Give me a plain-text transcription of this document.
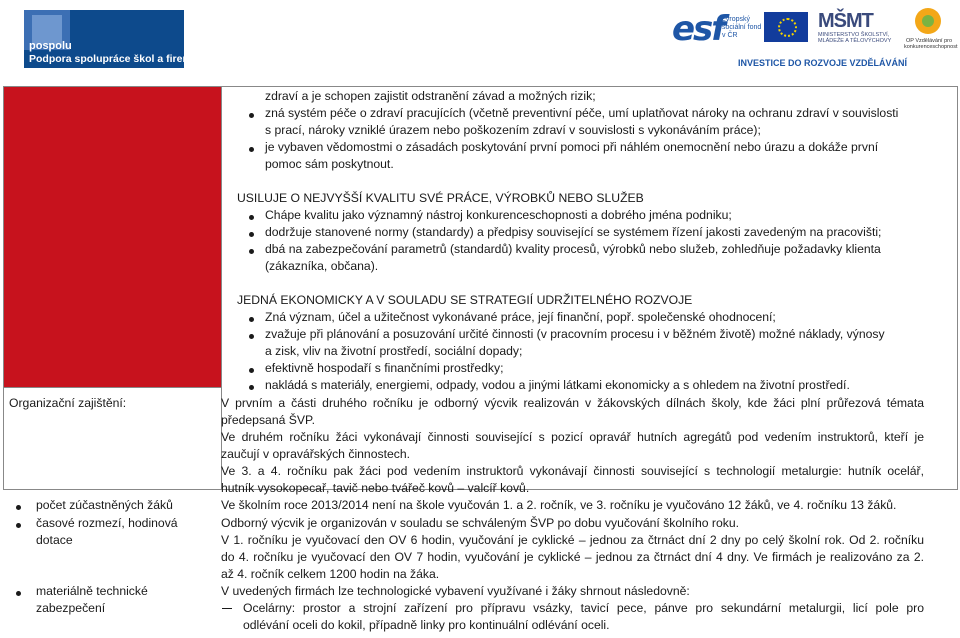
pospolu
Podpora spolupráce škol a firem
esf
evropský sociální fond v ČR
MŠMT
MINISTERSTVO ŠKOLSTVÍ, MLÁDEŽE A TĚLOVÝCHOVY	OP Vzdělávání pro konkurenceschopnost
INVESTICE DO ROZVOJE VZDĚLÁVÁNÍ
zdraví a je schopen zajistit odstranění závad a možných rizik;
zná systém péče o zdraví pracujících (včetně preventivní péče, umí uplatňovat nároky na ochranu zdraví v souvislosti
s prací, nároky vzniklé úrazem nebo poškozením zdraví v souvislosti s vykonáváním práce);
je vybaven vědomostmi o zásadách poskytování první pomoci při náhlém onemocnění nebo úrazu a dokáže první
pomoc sám poskytnout.
USILUJE O NEJVYŠŠÍ KVALITU SVÉ PRÁCE, VÝROBKŮ NEBO SLUŽEB
Chápe kvalitu jako významný nástroj konkurenceschopnosti a dobrého jména podniku;
dodržuje stanovené normy (standardy) a předpisy související se systémem řízení jakosti zavedeným na pracovišti;
dbá na zabezpečování parametrů (standardů) kvality procesů, výrobků nebo služeb, zohledňuje požadavky klienta
(zákazníka, občana).
JEDNÁ EKONOMICKY A V SOULADU SE STRATEGIÍ UDRŽITELNÉHO ROZVOJE
Zná význam, účel a užitečnost vykonávané práce, její finanční, popř. společenské ohodnocení;
zvažuje při plánování a posuzování určité činnosti (v pracovním procesu i v běžném životě) možné náklady, výnosy
a zisk, vliv na životní prostředí, sociální dopady;
efektivně hospodaří s finančními prostředky;
nakládá s materiály, energiemi, odpady, vodou a jinými látkami ekonomicky a s ohledem na životní prostředí.
Organizační zajištění:	V prvním a části druhého ročníku je odborný výcvik realizován v žákovských dílnách školy, kde žáci plní průřezová témata
předepsaná ŠVP.
Ve druhém ročníku žáci vykonávají činnosti související s pozicí opravář hutních agregátů pod vedením instruktorů, kteří je
zaučují v opravářských činnostech.
Ve 3. a 4. ročníku pak žáci pod vedením instruktorů vykonávají činnosti související s technologií metalurgie: hutník ocelář,
hutník vysokopecař, tavič nebo tvářeč kovů – valcíř kovů.
počet zúčastněných žáků	Ve školním roce 2013/2014 není na škole vyučován 1. a 2. ročník, ve 3. ročníku je vyučováno 12 žáků, ve 4. ročníku 13 žáků.
časové rozmezí, hodinová
dotace
Odborný výcvik je organizován v souladu se schváleným ŠVP po dobu vyučování školního roku.
V 1. ročníku je vyučovací den OV 6 hodin, vyučování je cyklické – jednou za čtrnáct dní 2 dny po celý školní rok. Od 2. ročníku
do 4. ročníku je vyučovací den OV 7 hodin, vyučování je cyklické – jednou za čtrnáct dní 4 dny. Ve firmách je realizováno za 2.
až 4. ročník celkem 1200 hodin na žáka.
materiálně technické
zabezpečení
V uvedených firmách lze technologické vybavení využívané i žáky shrnout následovně:
Ocelárny: prostor a strojní zařízení pro přípravu vsázky, tavicí pece, pánve pro sekundární metalurgii, licí pole pro
odlévání oceli do kokil, případně linky pro kontinuální odlévání oceli.
